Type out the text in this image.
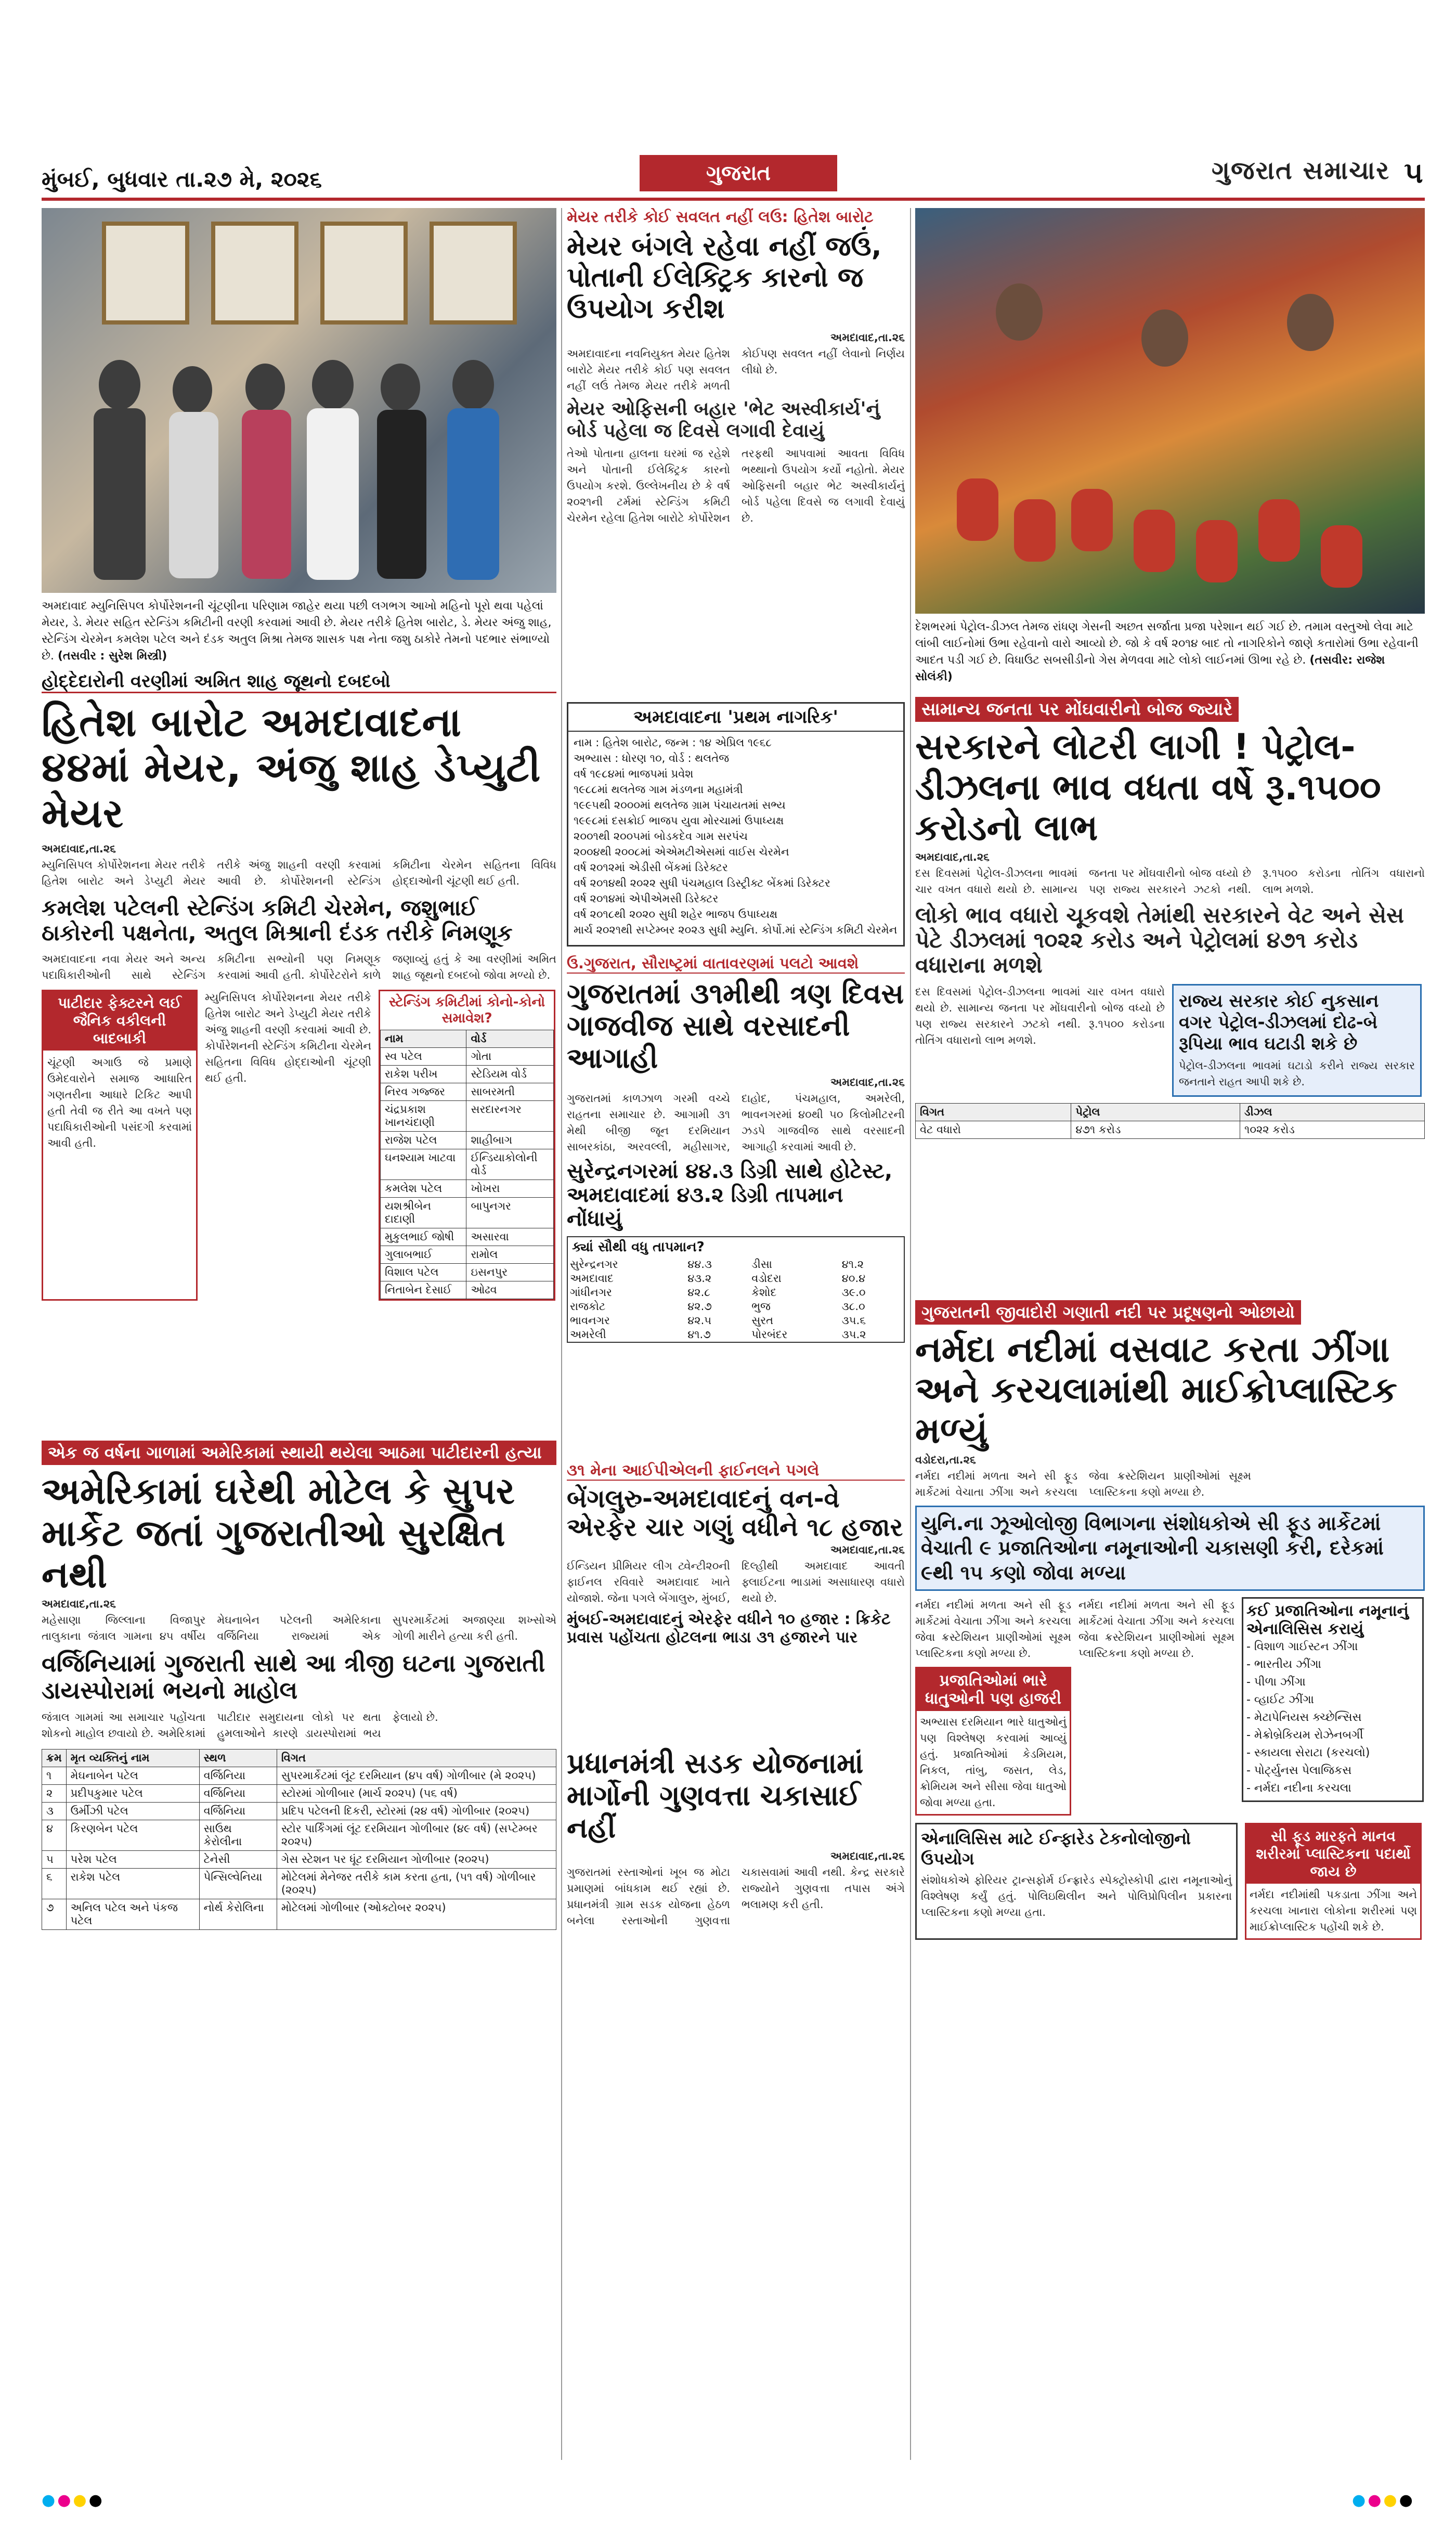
મુંબઈ, બુધવાર તા.૨૭ મે, ૨૦૨૬	ગુજરાત	ગુજરાત સમાચાર ૫
અમદાવાદ મ્યુનિસિપલ કોર્પોરેશનની ચૂંટણીના પરિણામ જાહેર થયા પછી લગભગ આખો મહિનો પૂરો થવા પહેલાં મેયર, ડે. મેયર સહિત સ્ટેન્ડિંગ કમિટીની વરણી કરવામાં આવી છે. મેયર તરીકે હિતેશ બારોટ, ડે. મેયર અંજુ શાહ, સ્ટેન્ડિંગ ચેરમેન કમલેશ પટેલ અને દંડક અતુલ મિશ્રા તેમજ શાસક પક્ષ નેતા જશુ ઠાકોરે તેમનો પદભાર સંભાળ્યો છે. (તસવીર : સુરેશ મિસ્ત્રી)
મેયર તરીકે કોઈ સવલત નહીં લઉં: હિતેશ બારોટ
મેયર બંગલે રહેવા નહીં જઉં, પોતાની ઈલેક્ટ્રિક કારનો જ ઉપયોગ કરીશ
અમદાવાદ,તા.૨૬
અમદાવાદના નવનિયુક્ત મેયર હિતેશ બારોટે મેયર તરીકે કોઈ પણ સવલત નહીં લઉં તેમજ મેયર તરીકે મળતી કોઈપણ સવલત નહીં લેવાનો નિર્ણય લીધો છે.
મેયર ઓફિસની બહાર 'ભેટ અસ્વીકાર્ય'નું બોર્ડ પહેલા જ દિવસે લગાવી દેવાયું
તેઓ પોતાના હાલના ઘરમાં જ રહેશે અને પોતાની ઈલેક્ટ્રિક કારનો ઉપયોગ કરશે. ઉલ્લેખનીય છે કે વર્ષ ૨૦૨૧ની ટર્મમાં સ્ટેન્ડિંગ કમિટી ચેરમેન રહેલા હિતેશ બારોટે કોર્પોરેશન તરફથી આપવામાં આવતા વિવિધ ભથ્થાનો ઉપયોગ કર્યો નહોતો. મેયર ઓફિસની બહાર ભેટ અસ્વીકાર્યનું બોર્ડ પહેલા દિવસે જ લગાવી દેવાયું છે.
દેશભરમાં પેટ્રોલ-ડીઝલ તેમજ રાંધણ ગેસની અછત સર્જાતા પ્રજા પરેશાન થઈ ગઈ છે. તમામ વસ્તુઓ લેવા માટે લાંબી લાઈનોમાં ઉભા રહેવાનો વારો આવ્યો છે. જો કે વર્ષ ૨૦૧૪ બાદ તો નાગરિકોને જાણે કતારોમાં ઉભા રહેવાની આદત પડી ગઈ છે. વિધાઉટ સબસીડીનો ગેસ મેળવવા માટે લોકો લાઈનમાં ઊભા રહે છે. (તસવીર: રાજેશ સોલંકી)
હોદ્દેદારોની વરણીમાં અમિત શાહ જૂથનો દબદબો
હિતેશ બારોટ અમદાવાદના ૪૪માં મેયર, અંજુ શાહ ડેપ્યુટી મેયર
અમદાવાદ,તા.૨૬
મ્યુનિસિપલ કોર્પોરેશનના મેયર તરીકે હિતેશ બારોટ અને ડેપ્યુટી મેયર તરીકે અંજુ શાહની વરણી કરવામાં આવી છે. કોર્પોરેશનની સ્ટેન્ડિંગ કમિટીના ચેરમેન સહિતના વિવિધ હોદ્દાઓની ચૂંટણી થઈ હતી.
કમલેશ પટેલની સ્ટેન્ડિંગ કમિટી ચેરમેન, જશુભાઈ ઠાકોરની પક્ષનેતા, અતુલ મિશ્રાની દંડક તરીકે નિમણૂક
અમદાવાદના નવા મેયર અને અન્ય પદાધિકારીઓની સાથે સ્ટેન્ડિંગ કમિટીના સભ્યોની પણ નિમણૂક કરવામાં આવી હતી. કોર્પોરેટરોને કાળે જણાવ્યું હતું કે આ વરણીમાં અમિત શાહ જૂથનો દબદબો જોવા મળ્યો છે.
પાટીદાર ફેક્ટરને લઈ જૈનિક વકીલની બાદબાકી
ચૂંટણી અગાઉ જે પ્રમાણે ઉમેદવારોને સમાજ આધારિત ગણતરીના આધારે ટિકિટ આપી હતી તેવી જ રીતે આ વખતે પણ પદાધિકારીઓની પસંદગી કરવામાં આવી હતી.
મ્યુનિસિપલ કોર્પોરેશનના મેયર તરીકે હિતેશ બારોટ અને ડેપ્યુટી મેયર તરીકે અંજુ શાહની વરણી કરવામાં આવી છે. કોર્પોરેશનની સ્ટેન્ડિંગ કમિટીના ચેરમેન સહિતના વિવિધ હોદ્દાઓની ચૂંટણી થઈ હતી.
સ્ટેન્ડિંગ કમિટીમાં કોનો-કોનો સમાવેશ?
નામ	વોર્ડ
સ્વ પટેલ	ગોતા
રાકેશ પરીખ	સ્ટેડિયમ વોર્ડ
નિરવ ગજ્જર	સાબરમતી
ચંદ્રપ્રકાશ ખાનચંદાણી	સરદારનગર
રાજેશ પટેલ	શાહીબાગ
ઘનશ્યામ ખાટવા	ઈન્ડિયાકોલોની વોર્ડ
કમલેશ પટેલ	ખોખરા
યશશ્રીબેન દાદાણી	બાપુનગર
મુકુલભાઈ જોષી	અસારવા
ગુલાબભાઈ	રામોલ
વિશાલ પટેલ	ઇસનપુર
નિતાબેન દેસાઈ	ઓઢવ
અમદાવાદના 'પ્રથમ નાગરિક'
નામ : હિતેશ બારોટ, જન્મ : ૧૪ એપ્રિલ ૧૯૬૮
અભ્યાસ : ધોરણ ૧૦, વોર્ડ : થલતેજ
વર્ષ ૧૯૮૪માં ભાજપમાં પ્રવેશ
૧૯૮૮માં થલતેજ ગામ મંડળના મહામંત્રી
૧૯૯૫થી ૨૦૦૦માં થલતેજ ગ્રામ પંચાયતમાં સભ્ય
૧૯૯૮માં દસક્રોઈ ભાજપ યુવા મોરચામાં ઉપાધ્યક્ષ
૨૦૦૧થી ૨૦૦૫માં બોડકદેવ ગામ સરપંચ
૨૦૦૪થી ૨૦૦૮માં એએમટીએસમાં વાઈસ ચેરમેન
વર્ષ ૨૦૧૨માં એડીસી બેંકમાં ડિરેક્ટર
વર્ષ ૨૦૧૪થી ૨૦૨૨ સુધી પંચમહાલ ડિસ્ટ્રીક્ટ બેંકમાં ડિરેક્ટર
વર્ષ ૨૦૧૪માં એપીએમસી ડિરેક્ટર
વર્ષ ૨૦૧૮થી ૨૦૨૦ સુધી શહેર ભાજપ ઉપાધ્યક્ષ
માર્ચ ૨૦૨૧થી સપ્ટેમ્બર ૨૦૨૩ સુધી મ્યુનિ. કોર્પો.માં સ્ટેન્ડિંગ કમિટી ચેરમેન
ઉ.ગુજરાત, સૌરાષ્ટ્રમાં વાતાવરણમાં પલટો આવશે
ગુજરાતમાં ૩૧મીથી ત્રણ દિવસ ગાજવીજ સાથે વરસાદની આગાહી
અમદાવાદ,તા.૨૬
ગુજરાતમાં કાળઝાળ ગરમી વચ્ચે રાહતના સમાચાર છે. આગામી ૩૧ મેથી બીજી જૂન દરમિયાન સાબરકાંઠા, અરવલ્લી, મહીસાગર, દાહોદ, પંચમહાલ, અમરેલી, ભાવનગરમાં ૪૦થી ૫૦ કિલોમીટરની ઝડપે ગાજવીજ સાથે વરસાદની આગાહી કરવામાં આવી છે.
સુરેન્દ્રનગરમાં ૪૪.૩ ડિગ્રી સાથે હોટેસ્ટ, અમદાવાદમાં ૪૩.૨ ડિગ્રી તાપમાન નોંધાયું
ક્યાં સૌથી વધુ તાપમાન?
સુરેન્દ્રનગર	૪૪.૩	ડીસા	૪૧.૨
અમદાવાદ	૪૩.૨	વડોદરા	૪૦.૪
ગાંધીનગર	૪૨.૮	કેશોદ	૩૯.૦
રાજકોટ	૪૨.૭	ભુજ	૩૮.૦
ભાવનગર	૪૨.૫	સુરત	૩૫.૬
અમરેલી	૪૧.૭	પોરબંદર	૩૫.૨
૩૧ મેના આઈપીએલની ફાઈનલને પગલે
બેંગલુરુ-અમદાવાદનું વન-વે એરફેર ચાર ગણું વધીને ૧૮ હજાર
અમદાવાદ,તા.૨૬
ઈન્ડિયન પ્રીમિયર લીગ ટ્વેન્ટી૨૦ની ફાઈનલ રવિવારે અમદાવાદ ખાતે યોજાશે. જેના પગલે બેંગાલુરુ, મુંબઈ, દિલ્હીથી અમદાવાદ આવતી ફ્લાઈટના ભાડામાં અસાધારણ વધારો થયો છે.
મુંબઈ-અમદાવાદનું એરફેર વધીને ૧૦ હજાર : ક્રિકેટ પ્રવાસ પહોંચતા હોટલના ભાડા ૩૧ હજારને પાર
સામાન્ય જનતા પર મોંઘવારીનો બોજ જ્યારે
સરકારને લોટરી લાગી ! પેટ્રોલ-ડીઝલના ભાવ વધતા વર્ષે રૂ.૧૫૦૦ કરોડનો લાભ
અમદાવાદ,તા.૨૬
દસ દિવસમાં પેટ્રોલ-ડીઝલના ભાવમાં ચાર વખત વધારો થયો છે. સામાન્ય જનતા પર મોંઘવારીનો બોજ વધ્યો છે પણ રાજ્ય સરકારને ઝટકો નથી. રૂ.૧૫૦૦ કરોડના તોતિંગ વધારાનો લાભ મળશે.
લોકો ભાવ વધારો ચૂકવશે તેમાંથી સરકારને વેટ અને સેસ પેટે ડીઝલમાં ૧૦૨૨ કરોડ અને પેટ્રોલમાં ૪૭૧ કરોડ વધારાના મળશે
દસ દિવસમાં પેટ્રોલ-ડીઝલના ભાવમાં ચાર વખત વધારો થયો છે. સામાન્ય જનતા પર મોંઘવારીનો બોજ વધ્યો છે પણ રાજ્ય સરકારને ઝટકો નથી. રૂ.૧૫૦૦ કરોડના તોતિંગ વધારાનો લાભ મળશે.
રાજ્ય સરકાર કોઈ નુકસાન વગર પેટ્રોલ-ડીઝલમાં દોઢ-બે રૂપિયા ભાવ ઘટાડી શકે છે
પેટ્રોલ-ડીઝલના ભાવમાં ઘટાડો કરીને રાજ્ય સરકાર જનતાને રાહત આપી શકે છે.
વિગત	પેટ્રોલ	ડીઝલ
વેટ વધારો	૪૭૧ કરોડ	૧૦૨૨ કરોડ
ગુજરાતની જીવાદોરી ગણાતી નદી પર પ્રદૂષણનો ઓછાયો
નર્મદા નદીમાં વસવાટ કરતા ઝીંગા અને કરચલામાંથી માઈક્રોપ્લાસ્ટિક મળ્યું
વડોદરા,તા.૨૬
નર્મદા નદીમાં મળતા અને સી ફૂડ માર્કેટમાં વેચાતા ઝીંગા અને કરચલા જેવા ક્રસ્ટેશિયન પ્રાણીઓમાં સૂક્ષ્મ પ્લાસ્ટિકના કણો મળ્યા છે.
યુનિ.ના ઝૂઓલોજી વિભાગના સંશોધકોએ સી ફૂડ માર્કેટમાં વેચાતી ૯ પ્રજાતિઓના નમૂનાઓની ચકાસણી કરી, દરેકમાં ૯થી ૧૫ કણો જોવા મળ્યા
નર્મદા નદીમાં મળતા અને સી ફૂડ માર્કેટમાં વેચાતા ઝીંગા અને કરચલા જેવા ક્રસ્ટેશિયન પ્રાણીઓમાં સૂક્ષ્મ પ્લાસ્ટિકના કણો મળ્યા છે.
પ્રજાતિઓમાં ભારે ધાતુઓની પણ હાજરી
અભ્યાસ દરમિયાન ભારે ધાતુઓનું પણ વિશ્લેષણ કરવામાં આવ્યું હતું. પ્રજાતિઓમાં કેડમિયમ, નિકલ, તાંબુ, જસત, લેડ, ક્રોમિયમ અને સીસા જેવા ધાતુઓ જોવા મળ્યા હતા.
નર્મદા નદીમાં મળતા અને સી ફૂડ માર્કેટમાં વેચાતા ઝીંગા અને કરચલા જેવા ક્રસ્ટેશિયન પ્રાણીઓમાં સૂક્ષ્મ પ્લાસ્ટિકના કણો મળ્યા છે.
કઈ પ્રજાતિઓના નમૂનાનું એનાલિસિસ કરાયું
- વિશાળ ગાઈસ્ટન ઝીંગા
- ભારતીય ઝીંગા
- પીળા ઝીંગા
- વ્હાઈટ ઝીંગા
- મેટાપેનિયસ ક્ચ્છેન્સિસ
- મેક્રોબ્રેકિયમ રોઝેનબર્ગી
- સ્કાયલા સેરાટા (કરચલો)
- પોર્ટ્યુનસ પેલાજિકસ
- નર્મદા નદીના કરચલા
એનાલિસિસ માટે ઈન્ફારેડ ટેકનોલોજીનો ઉપયોગ
સંશોધકોએ ફોરિયર ટ્રાન્સફોર્મ ઈન્ફ્રારેડ સ્પેક્ટ્રોસ્કોપી દ્વારા નમૂનાઓનું વિશ્લેષણ કર્યું હતું. પોલિઇથિલીન અને પોલિપ્રોપિલીન પ્રકારના પ્લાસ્ટિકના કણો મળ્યા હતા.
સી ફૂડ મારફતે માનવ શરીરમાં પ્લાસ્ટિકના પદાર્થો જાય છે
નર્મદા નદીમાંથી પકડાતા ઝીંગા અને કરચલા ખાનારા લોકોના શરીરમાં પણ માઈક્રોપ્લાસ્ટિક પહોંચી શકે છે.
એક જ વર્ષના ગાળામાં અમેરિકામાં સ્થાયી થયેલા આઠમા પાટીદારની હત્યા
અમેરિકામાં ઘરેથી મોટેલ કે સુપર માર્કેટ જતાં ગુજરાતીઓ સુરક્ષિત નથી
અમદાવાદ,તા.૨૬
મહેસાણા જિલ્લાના વિજાપુર તાલુકાના જંત્રાલ ગામના ૪૫ વર્ષીય મેઘનાબેન પટેલની અમેરિકાના વર્જિનિયા રાજ્યમાં એક સુપરમાર્કેટમાં અજાણ્યા શખ્સોએ ગોળી મારીને હત્યા કરી હતી.
વર્જિનિયામાં ગુજરાતી સાથે આ ત્રીજી ઘટના ગુજરાતી ડાયસ્પોરામાં ભયનો માહોલ
જંત્રાલ ગામમાં આ સમાચાર પહોંચતા શોકનો માહોલ છવાયો છે. અમેરિકામાં પાટીદાર સમુદાયના લોકો પર થતા હુમલાઓને કારણે ડાયસ્પોરામાં ભય ફેલાયો છે.
ક્રમ	મૃત વ્યક્તિનું નામ	સ્થળ	વિગત
૧	મેઘનાબેન પટેલ	વર્જિનિયા	સુપરમાર્કેટમાં લૂંટ દરમિયાન (૪૫ વર્ષ) ગોળીબાર (મે ૨૦૨૫)
૨	પ્રદીપકુમાર પટેલ	વર્જિનિયા	સ્ટોરમાં ગોળીબાર (માર્ચ ૨૦૨૫) (૫૬ વર્ષ)
૩	ઉર્મીઝી પટેલ	વર્જિનિયા	પ્રદિપ પટેલની દિકરી, સ્ટોરમાં (૨૪ વર્ષ) ગોળીબાર (૨૦૨૫)
૪	કિરણબેન પટેલ	સાઉથ કેરોલીના	સ્ટોર પાર્કિંગમાં લૂંટ દરમિયાન ગોળીબાર (૪૯ વર્ષ) (સપ્ટેમ્બર ૨૦૨૫)
૫	પરેશ પટેલ	ટેનેસી	ગેસ સ્ટેશન પર ધૂંટ દરમિયાન ગોળીબાર (૨૦૨૫)
૬	રાકેશ પટેલ	પેન્સિલ્વેનિયા	મોટેલમાં મેનેજર તરીકે કામ કરતા હતા, (૫૧ વર્ષ) ગોળીબાર (૨૦૨૫)
૭	અનિલ પટેલ અને પંકજ પટેલ	નોર્થ કેરોલિના	મોટેલમાં ગોળીબાર (ઓક્ટોબર ૨૦૨૫)
પ્રધાનમંત્રી સડક યોજનામાં માર્ગોની ગુણવત્તા ચકાસાઈ નહીં
અમદાવાદ,તા.૨૬
ગુજરાતમાં રસ્તાઓનાં ખૂબ જ મોટા પ્રમાણમાં બાંધકામ થઈ રહ્યાં છે. પ્રધાનમંત્રી ગ્રામ સડક યોજના હેઠળ બનેલા રસ્તાઓની ગુણવત્તા ચકાસવામાં આવી નથી. કેન્દ્ર સરકારે રાજ્યોને ગુણવત્તા તપાસ અંગે ભલામણ કરી હતી.
●●●●	●●●●
